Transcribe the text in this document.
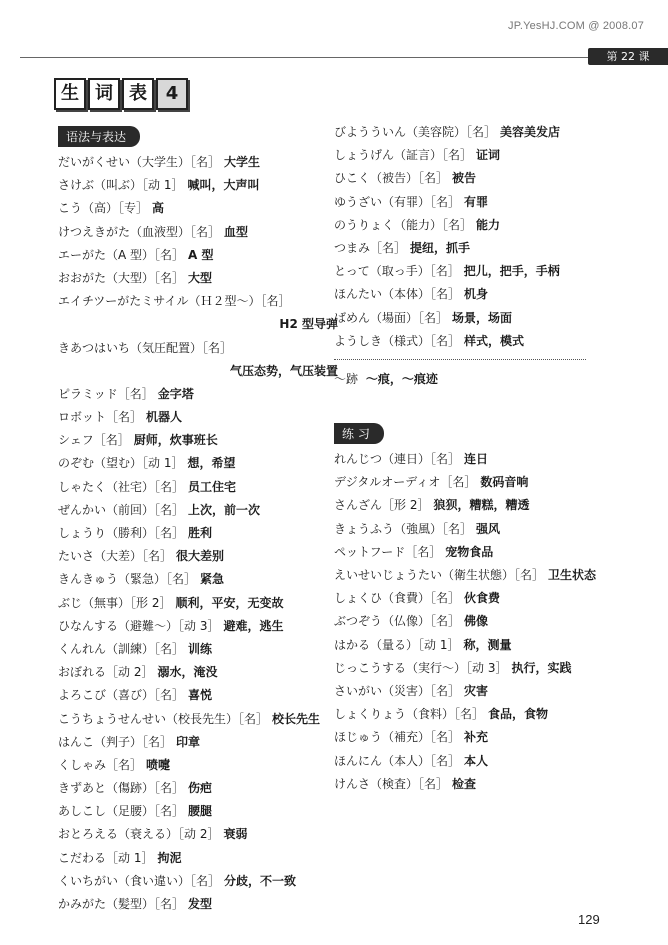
JP.YesHJ.COM @ 2008.07
第 22 课
生 词 表	4
语法与表达
だいがくせい（大学生）［名］ 大学生
さけぶ（叫ぶ）［动 1］ 喊叫，大声叫
こう（高）［专］ 高
けつえきがた（血液型）［名］ 血型
エーがた（A 型）［名］ A 型
おおがた（大型）［名］ 大型
エイチツーがたミサイル（Ｈ２型～）［名］
H2 型导弹
きあつはいち（気圧配置）［名］
气压态势，气压装置
ピラミッド［名］ 金字塔
ロボット［名］ 机器人
シェフ［名］ 厨师，炊事班长
のぞむ（望む）［动 1］ 想，希望
しゃたく（社宅）［名］ 员工住宅
ぜんかい（前回）［名］ 上次，前一次
しょうり（勝利）［名］ 胜利
たいさ（大差）［名］ 很大差别
きんきゅう（緊急）［名］ 紧急
ぶじ（無事）［形 2］ 顺利，平安，无变故
ひなんする（避難～）［动 3］ 避难，逃生
くんれん（訓練）［名］ 训练
おぼれる［动 2］ 溺水，淹没
よろこび（喜び）［名］ 喜悦
こうちょうせんせい（校長先生）［名］ 校长先生
はんこ（判子）［名］ 印章
くしゃみ［名］ 喷嚏
きずあと（傷跡）［名］ 伤疤
あしこし（足腰）［名］ 腰腿
おとろえる（衰える）［动 2］ 衰弱
こだわる［动 1］ 拘泥
くいちがい（食い違い）［名］ 分歧，不一致
かみがた（髪型）［名］ 发型
びようういん（美容院）［名］ 美容美发店
しょうげん（証言）［名］ 证词
ひこく（被告）［名］ 被告
ゆうざい（有罪）［名］ 有罪
のうりょく（能力）［名］ 能力
つまみ［名］ 提纽，抓手
とって（取っ手）［名］ 把儿，把手，手柄
ほんたい（本体）［名］ 机身
ばめん（場面）［名］ 场景，场面
ようしき（様式）［名］ 样式，模式
～跡 ～痕，～痕迹
练 习
れんじつ（連日）［名］ 连日
デジタルオーディオ［名］ 数码音响
さんざん［形 2］ 狼狈，糟糕，糟透
きょうふう（強風）［名］ 强风
ペットフード［名］ 宠物食品
えいせいじょうたい（衛生状態）［名］ 卫生状态
しょくひ（食費）［名］ 伙食费
ぶつぞう（仏像）［名］ 佛像
はかる（量る）［动 1］ 称，测量
じっこうする（実行～）［动 3］ 执行，实践
さいがい（災害）［名］ 灾害
しょくりょう（食料）［名］ 食品，食物
ほじゅう（補充）［名］ 补充
ほんにん（本人）［名］ 本人
けんさ（検査）［名］ 检查
129
